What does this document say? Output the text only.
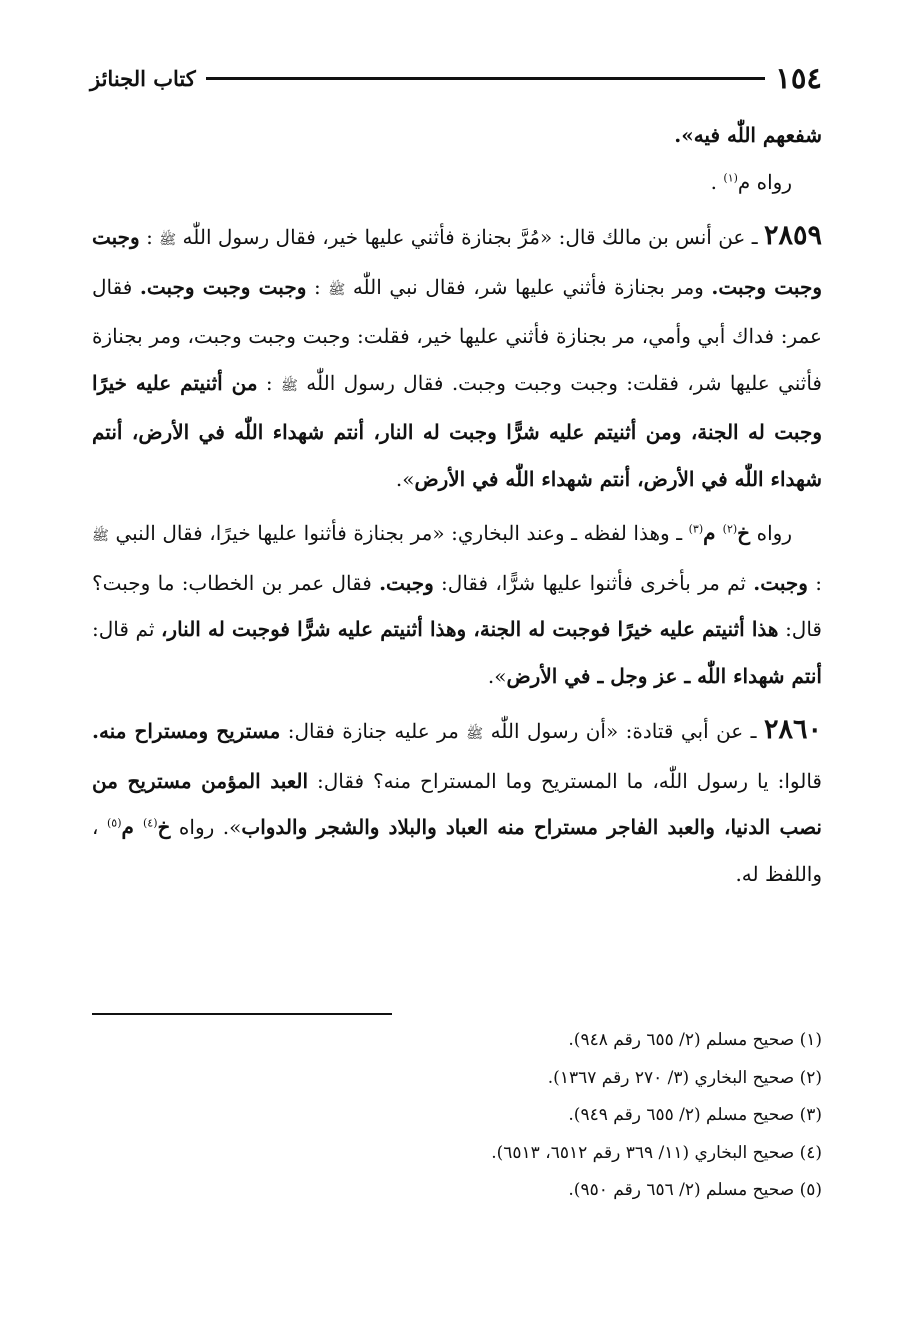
١٥٤
كتاب الجنائز

شفعهم اللّٰه فيه».

رواه م$^{(١)}$ .

٢٨٥٩ ـ عن أنس بن مالك قال: «مُرَّ بجنازة فأثني عليها خير، فقال رسول اللّٰه ﷺ : وجبت وجبت وجبت. ومر بجنازة فأثني عليها شر، فقال نبي اللّٰه ﷺ : وجبت وجبت وجبت. فقال عمر: فداك أبي وأمي، مر بجنازة فأثني عليها خير، فقلت: وجبت وجبت وجبت، ومر بجنازة فأثني عليها شر، فقلت: وجبت وجبت وجبت. فقال رسول اللّٰه ﷺ : من أثنيتم عليه خيرًا وجبت له الجنة، ومن أثنيتم عليه شرًّا وجبت له النار، أنتم شهداء اللّٰه في الأرض، أنتم شهداء اللّٰه في الأرض، أنتم شهداء اللّٰه في الأرض».

رواه خ$^{(٢)}$ م$^{(٣)}$ ـ وهذا لفظه ـ وعند البخاري: «مر بجنازة فأثنوا عليها خيرًا، فقال النبي ﷺ : وجبت. ثم مر بأخرى فأثنوا عليها شرًّا، فقال: وجبت. فقال عمر بن الخطاب: ما وجبت؟ قال: هذا أثنيتم عليه خيرًا فوجبت له الجنة، وهذا أثنيتم عليه شرًّا فوجبت له النار، ثم قال: أنتم شهداء اللّٰه ـ عز وجل ـ في الأرض».

٢٨٦٠ ـ عن أبي قتادة: «أن رسول اللّٰه ﷺ مر عليه جنازة فقال: مستريح ومستراح منه. قالوا: يا رسول اللّٰه، ما المستريح وما المستراح منه؟ فقال: العبد المؤمن مستريح من نصب الدنيا، والعبد الفاجر مستراح منه العباد والبلاد والشجر والدواب». رواه خ$^{(٤)}$ م$^{(٥)}$ ، واللفظ له.

(١) صحيح مسلم (٢/ ٦٥٥ رقم ٩٤٨).
(٢) صحيح البخاري (٣/ ٢٧٠ رقم ١٣٦٧).
(٣) صحيح مسلم (٢/ ٦٥٥ رقم ٩٤٩).
(٤) صحيح البخاري (١١/ ٣٦٩ رقم ٦٥١٢، ٦٥١٣).
(٥) صحيح مسلم (٢/ ٦٥٦ رقم ٩٥٠).
